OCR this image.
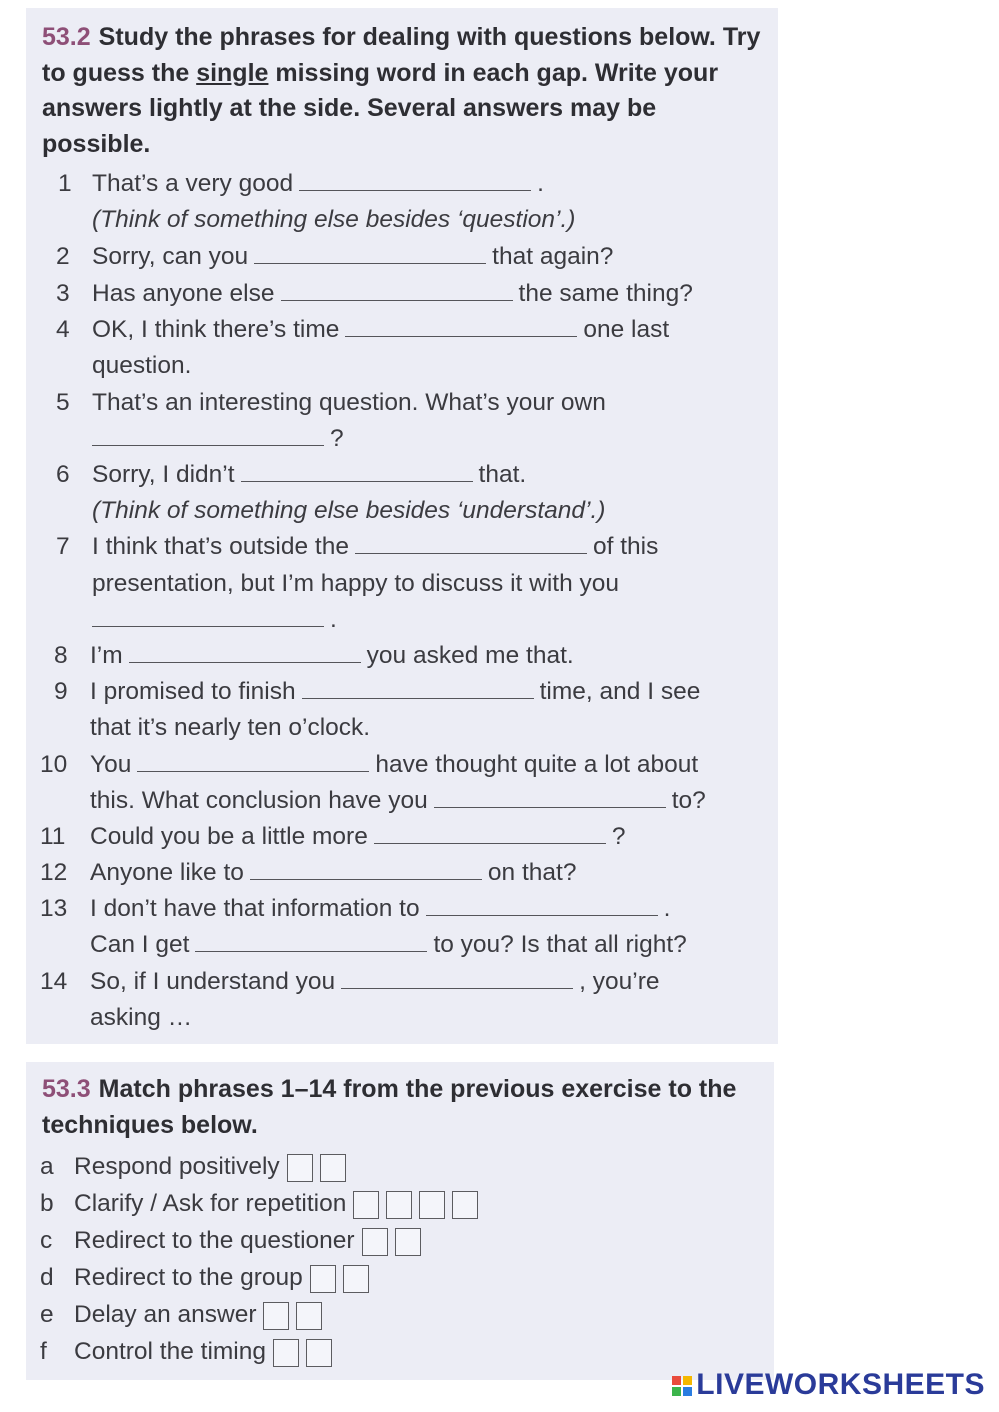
53.2 Study the phrases for dealing with questions below. Try to guess the single missing word in each gap. Write your answers lightly at the side. Several answers may be possible.
1 That’s a very good	.
(Think of something else besides ‘question’.)
2 Sorry, can you	that again?
3 Has anyone else	the same thing?
4 OK, I think there’s time	one last
question.
5 That’s an interesting question. What’s your own
?
6 Sorry, I didn’t	that.
(Think of something else besides ‘understand’.)
7 I think that’s outside the	of this
presentation, but I’m happy to discuss it with you
.
8 I’m	you asked me that.
9 I promised to finish	time, and I see
that it’s nearly ten o’clock.
10 You	have thought quite a lot about
this. What conclusion have you	to?
11 Could you be a little more	?
12 Anyone like to	on that?
13 I don’t have that information to	.
Can I get	to you? Is that all right?
14 So, if I understand you	, you’re
asking …
53.3 Match phrases 1–14 from the previous exercise to the techniques below.
a Respond positively
b Clarify / Ask for repetition
c Redirect to the questioner
d Redirect to the group
e Delay an answer
f Control the timing
LIVEWORKSHEETS
